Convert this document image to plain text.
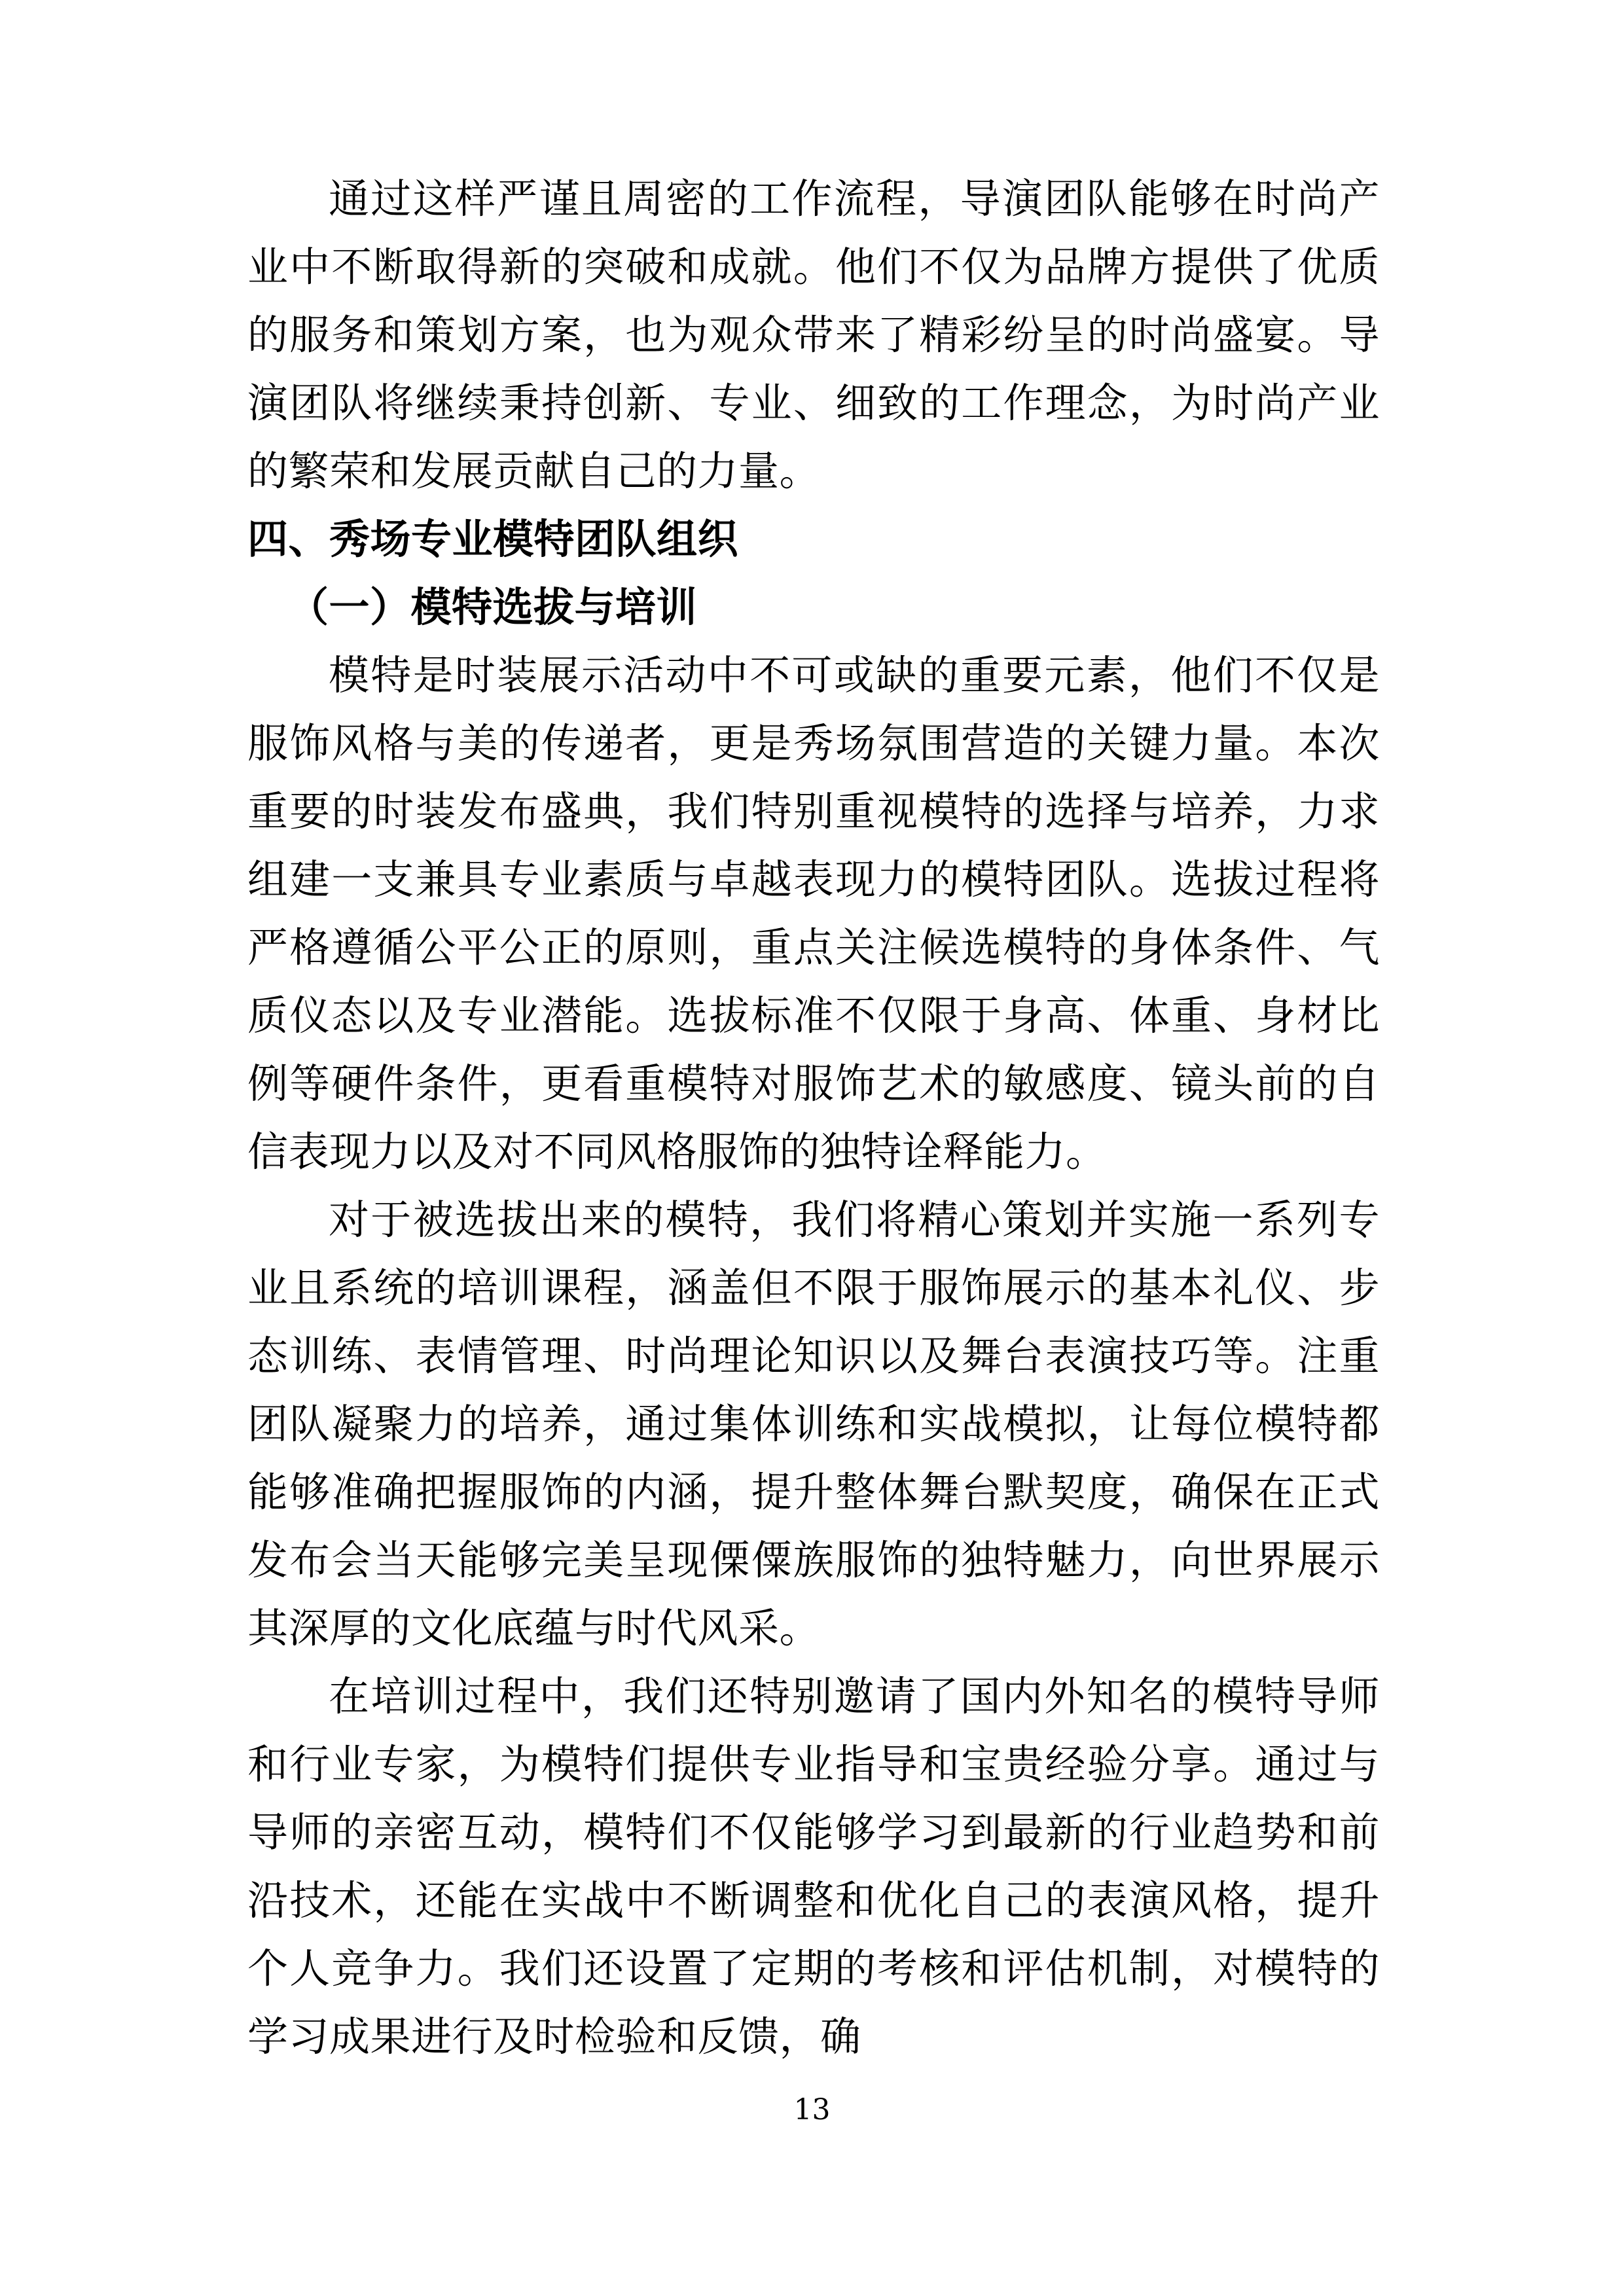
通过这样严谨且周密的工作流程，导演团队能够在时尚产业中不断取得新的突破和成就。他们不仅为品牌方提供了优质的服务和策划方案，也为观众带来了精彩纷呈的时尚盛宴。导演团队将继续秉持创新、专业、细致的工作理念，为时尚产业的繁荣和发展贡献自己的力量。

四、秀场专业模特团队组织
（一）模特选拔与培训

模特是时装展示活动中不可或缺的重要元素，他们不仅是服饰风格与美的传递者，更是秀场氛围营造的关键力量。本次重要的时装发布盛典，我们特别重视模特的选择与培养，力求组建一支兼具专业素质与卓越表现力的模特团队。选拔过程将严格遵循公平公正的原则，重点关注候选模特的身体条件、气质仪态以及专业潜能。选拔标准不仅限于身高、体重、身材比例等硬件条件，更看重模特对服饰艺术的敏感度、镜头前的自信表现力以及对不同风格服饰的独特诠释能力。

对于被选拔出来的模特，我们将精心策划并实施一系列专业且系统的培训课程，涵盖但不限于服饰展示的基本礼仪、步态训练、表情管理、时尚理论知识以及舞台表演技巧等。注重团队凝聚力的培养，通过集体训练和实战模拟，让每位模特都能够准确把握服饰的内涵，提升整体舞台默契度，确保在正式发布会当天能够完美呈现傈僳族服饰的独特魅力，向世界展示其深厚的文化底蕴与时代风采。

在培训过程中，我们还特别邀请了国内外知名的模特导师和行业专家，为模特们提供专业指导和宝贵经验分享。通过与导师的亲密互动，模特们不仅能够学习到最新的行业趋势和前沿技术，还能在实战中不断调整和优化自己的表演风格，提升个人竞争力。我们还设置了定期的考核和评估机制，对模特的学习成果进行及时检验和反馈，确

13
